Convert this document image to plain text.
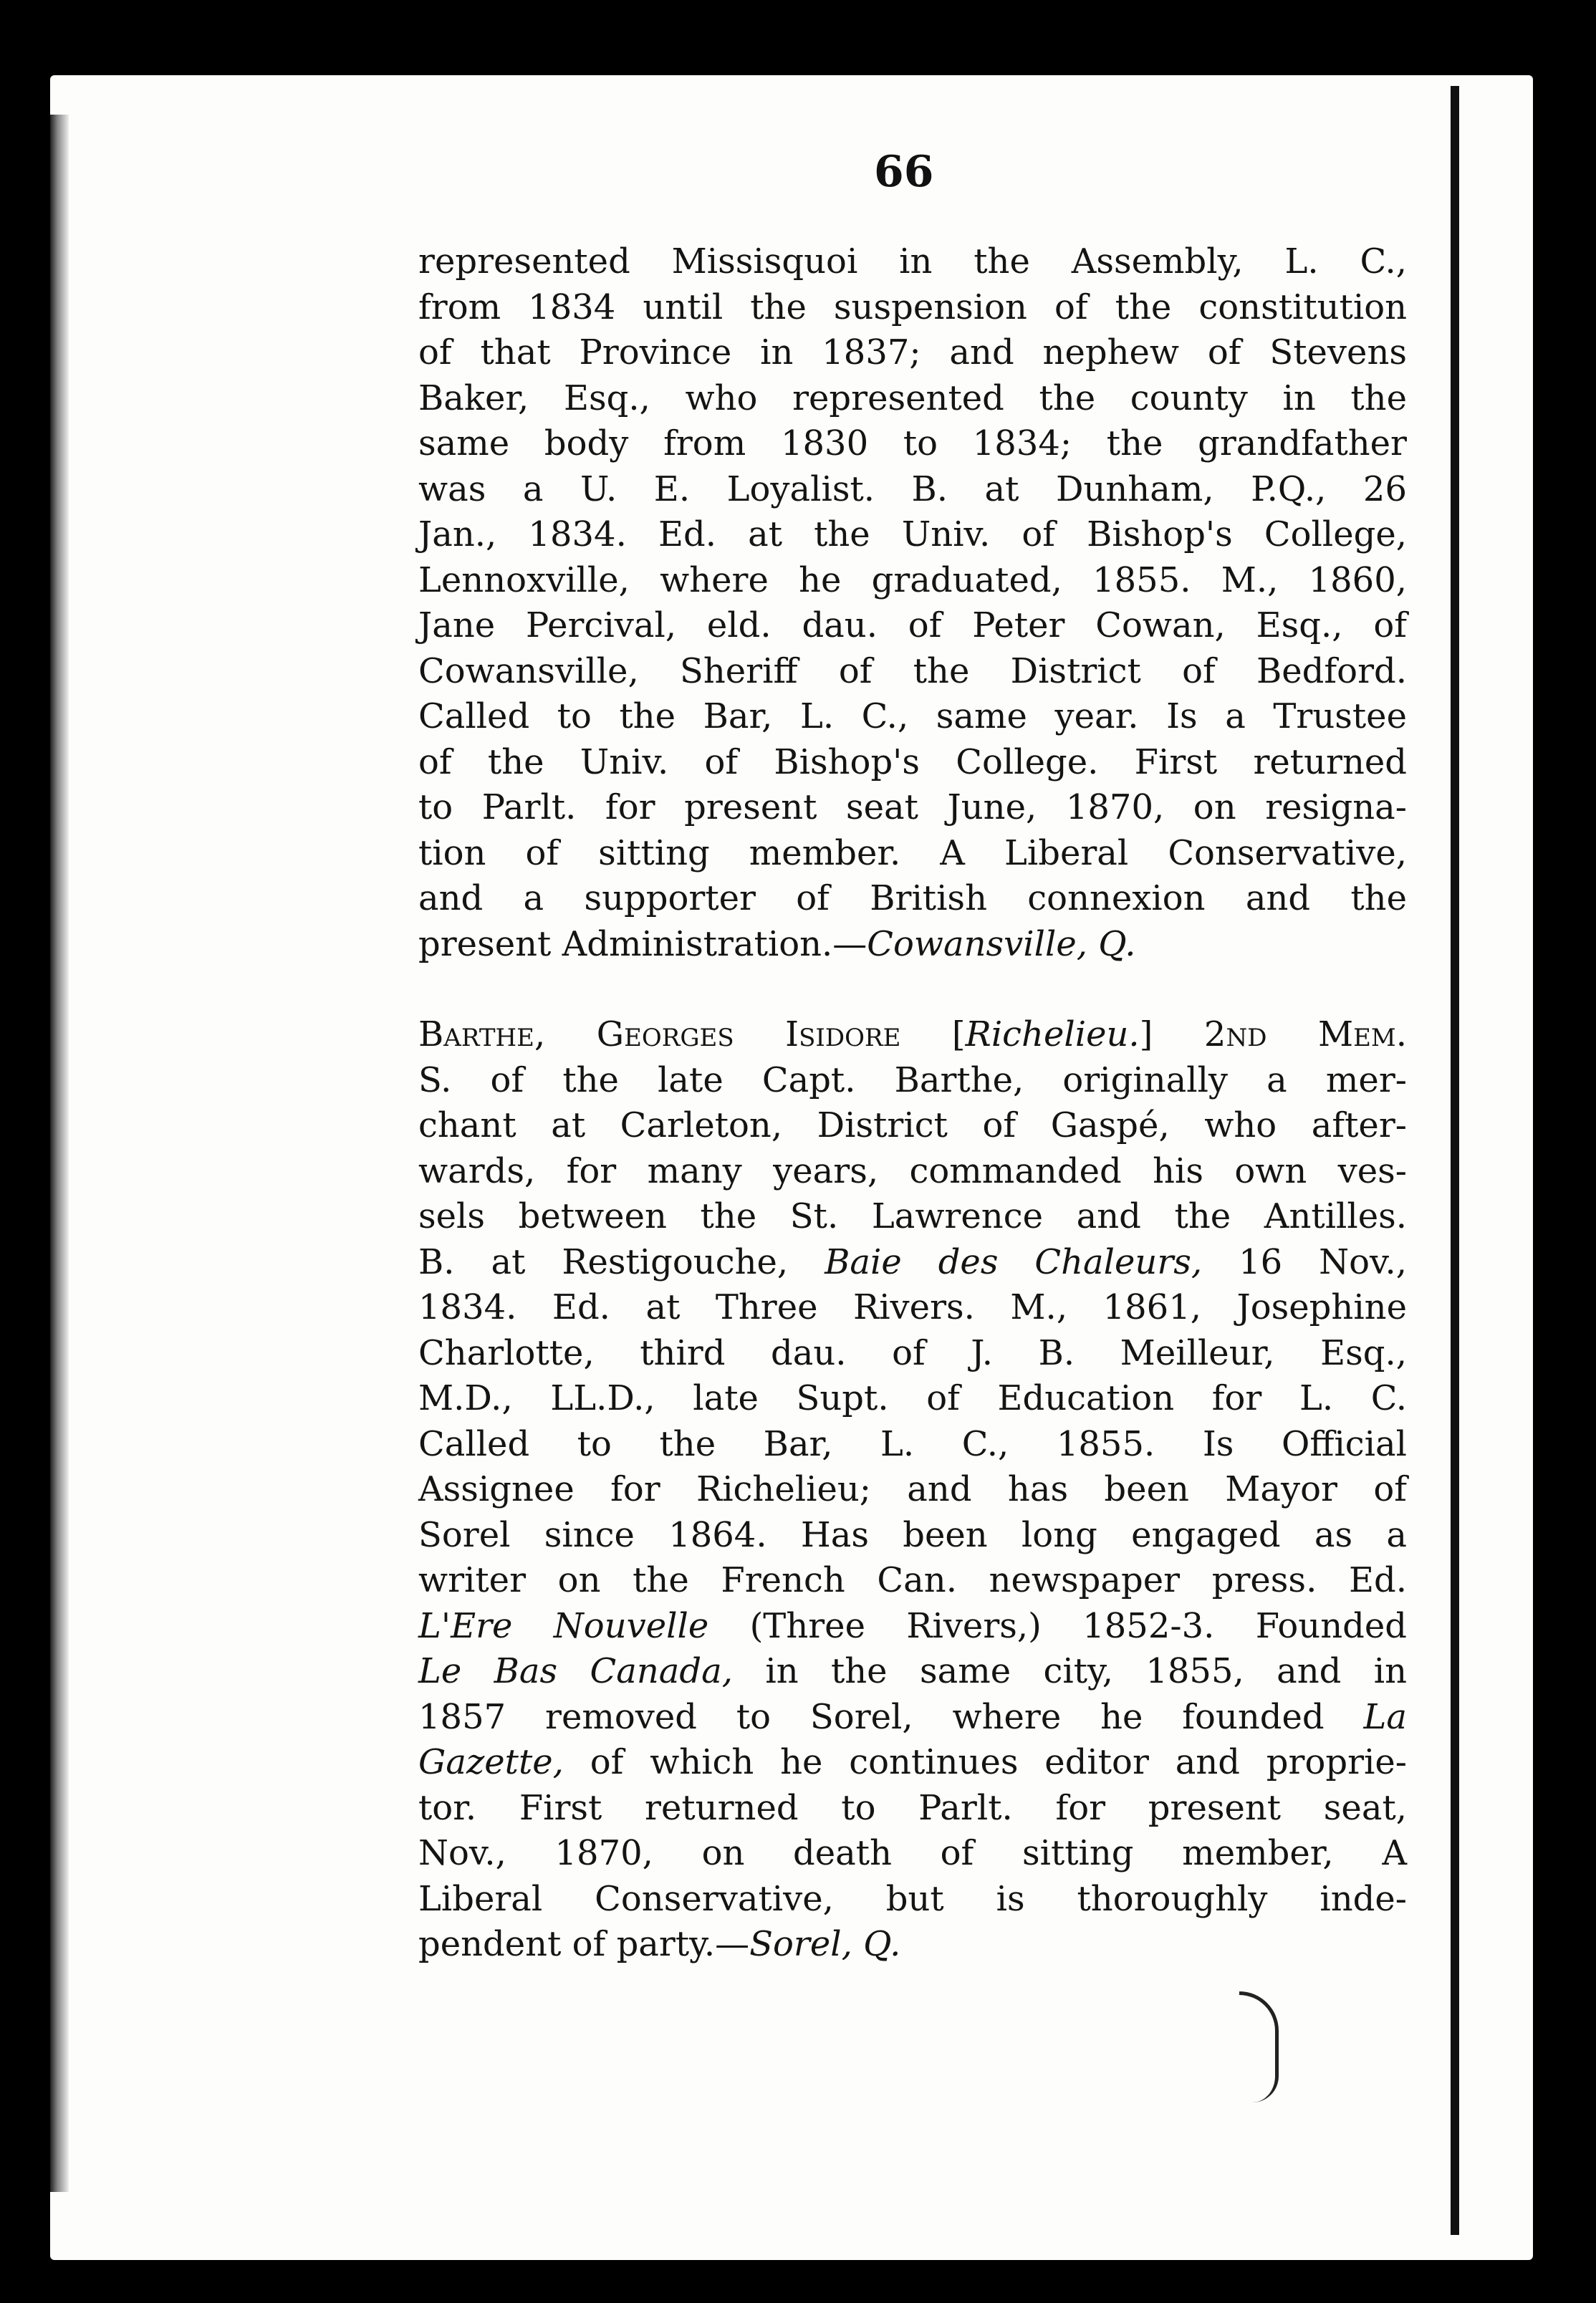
66
represented Missisquoi in the Assembly, L. C.,
from 1834 until the suspension of the constitution
of that Province in 1837; and nephew of Stevens
Baker, Esq., who represented the county in the
same body from 1830 to 1834; the grandfather
was a U. E. Loyalist. B. at Dunham, P.Q., 26
Jan., 1834. Ed. at the Univ. of Bishop's College,
Lennoxville, where he graduated, 1855. M., 1860,
Jane Percival, eld. dau. of Peter Cowan, Esq., of
Cowansville, Sheriff of the District of Bedford.
Called to the Bar, L. C., same year. Is a Trustee
of the Univ. of Bishop's College. First returned
to Parlt. for present seat June, 1870, on resigna-
tion of sitting member. A Liberal Conservative,
and a supporter of British connexion and the
present Administration.—Cowansville, Q.
Barthe, Georges Isidore [Richelieu.] 2nd Mem.
S. of the late Capt. Barthe, originally a mer-
chant at Carleton, District of Gaspé, who after-
wards, for many years, commanded his own ves-
sels between the St. Lawrence and the Antilles.
B. at Restigouche, Baie des Chaleurs, 16 Nov.,
1834. Ed. at Three Rivers. M., 1861, Josephine
Charlotte, third dau. of J. B. Meilleur, Esq.,
M.D., LL.D., late Supt. of Education for L. C.
Called to the Bar, L. C., 1855. Is Official
Assignee for Richelieu; and has been Mayor of
Sorel since 1864. Has been long engaged as a
writer on the French Can. newspaper press. Ed.
L'Ere Nouvelle (Three Rivers,) 1852-3. Founded
Le Bas Canada, in the same city, 1855, and in
1857 removed to Sorel, where he founded La
Gazette, of which he continues editor and proprie-
tor. First returned to Parlt. for present seat,
Nov., 1870, on death of sitting member, A
Liberal Conservative, but is thoroughly inde-
pendent of party.—Sorel, Q.
